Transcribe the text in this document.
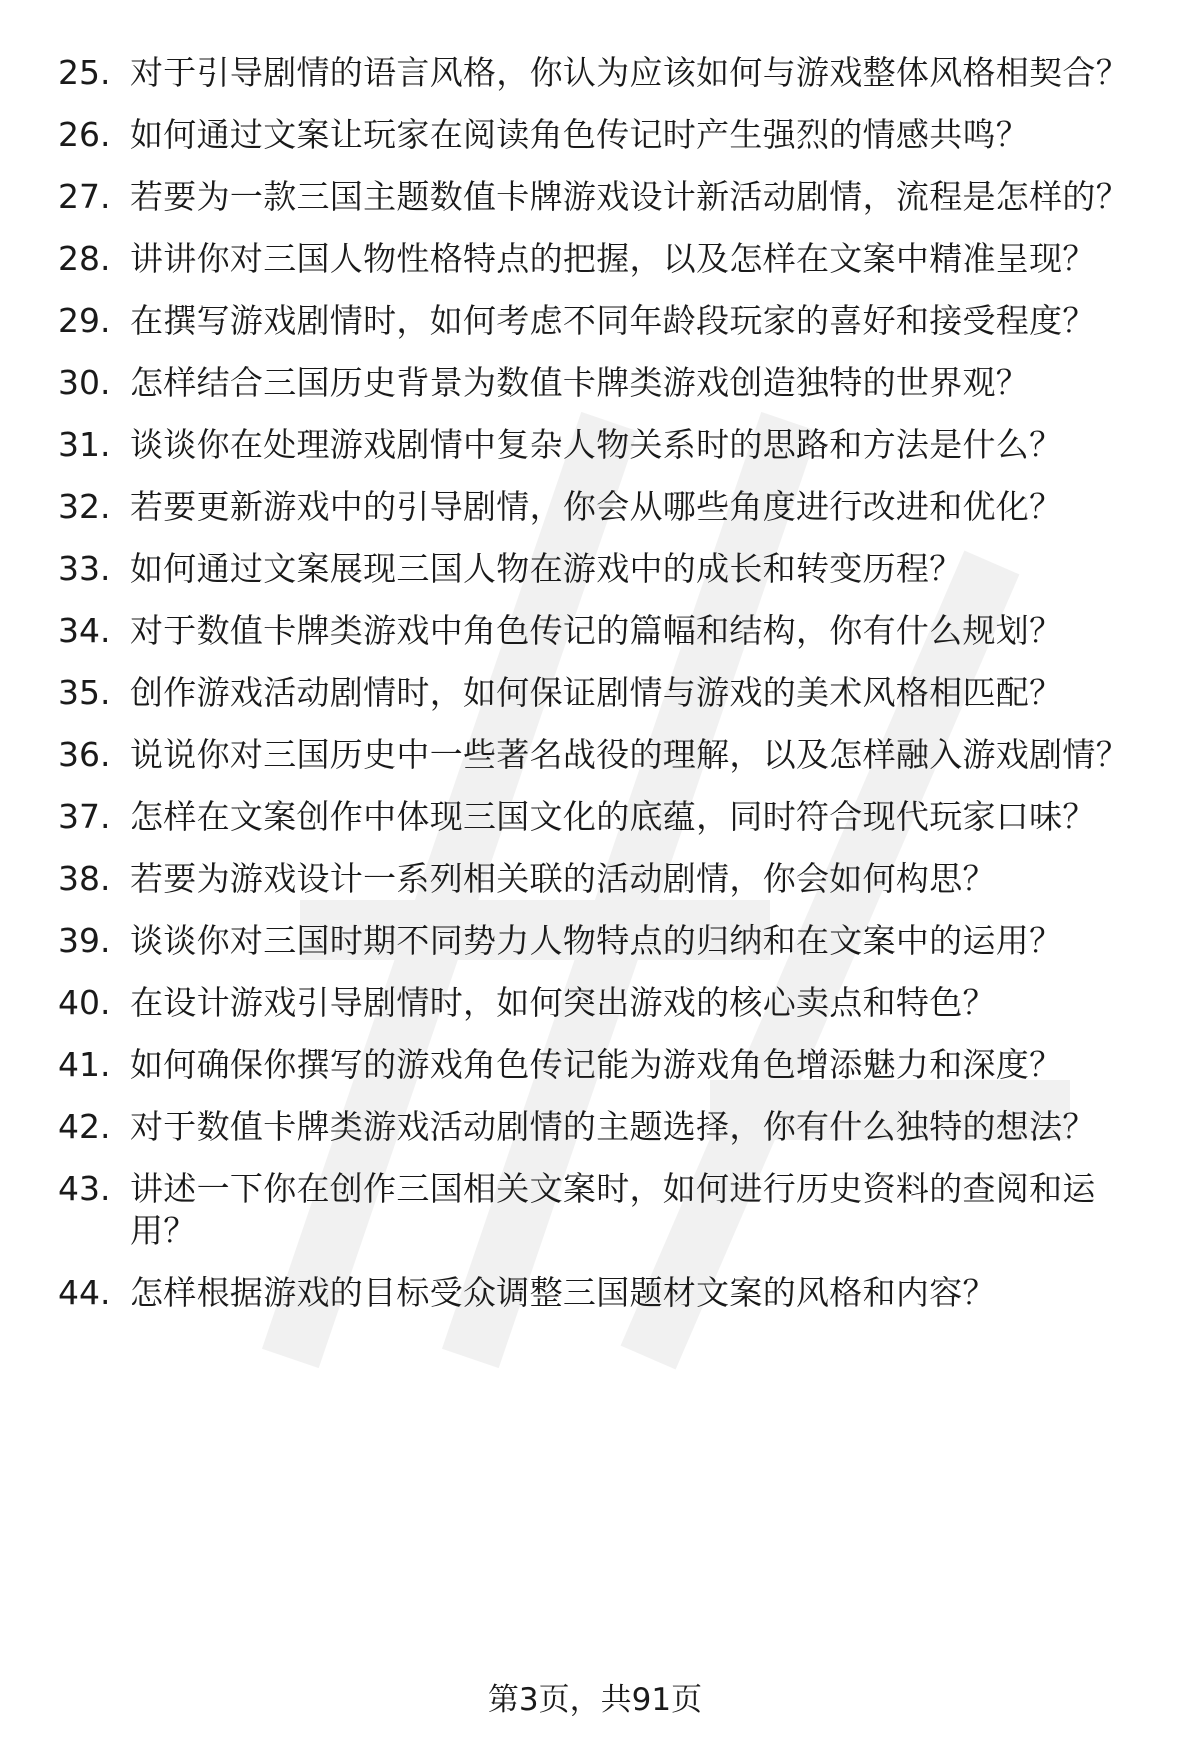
25. 对于引导剧情的语言风格，你认为应该如何与游戏整体风格相契合？
26. 如何通过文案让玩家在阅读角色传记时产生强烈的情感共鸣？
27. 若要为一款三国主题数值卡牌游戏设计新活动剧情，流程是怎样的？
28. 讲讲你对三国人物性格特点的把握，以及怎样在文案中精准呈现？
29. 在撰写游戏剧情时，如何考虑不同年龄段玩家的喜好和接受程度？
30. 怎样结合三国历史背景为数值卡牌类游戏创造独特的世界观？
31. 谈谈你在处理游戏剧情中复杂人物关系时的思路和方法是什么？
32. 若要更新游戏中的引导剧情，你会从哪些角度进行改进和优化？
33. 如何通过文案展现三国人物在游戏中的成长和转变历程？
34. 对于数值卡牌类游戏中角色传记的篇幅和结构，你有什么规划？
35. 创作游戏活动剧情时，如何保证剧情与游戏的美术风格相匹配？
36. 说说你对三国历史中一些著名战役的理解，以及怎样融入游戏剧情？
37. 怎样在文案创作中体现三国文化的底蕴，同时符合现代玩家口味？
38. 若要为游戏设计一系列相关联的活动剧情，你会如何构思？
39. 谈谈你对三国时期不同势力人物特点的归纳和在文案中的运用？
40. 在设计游戏引导剧情时，如何突出游戏的核心卖点和特色？
41. 如何确保你撰写的游戏角色传记能为游戏角色增添魅力和深度？
42. 对于数值卡牌类游戏活动剧情的主题选择，你有什么独特的想法？
43. 讲述一下你在创作三国相关文案时，如何进行历史资料的查阅和运用？
44. 怎样根据游戏的目标受众调整三国题材文案的风格和内容？
第3页，共91页
